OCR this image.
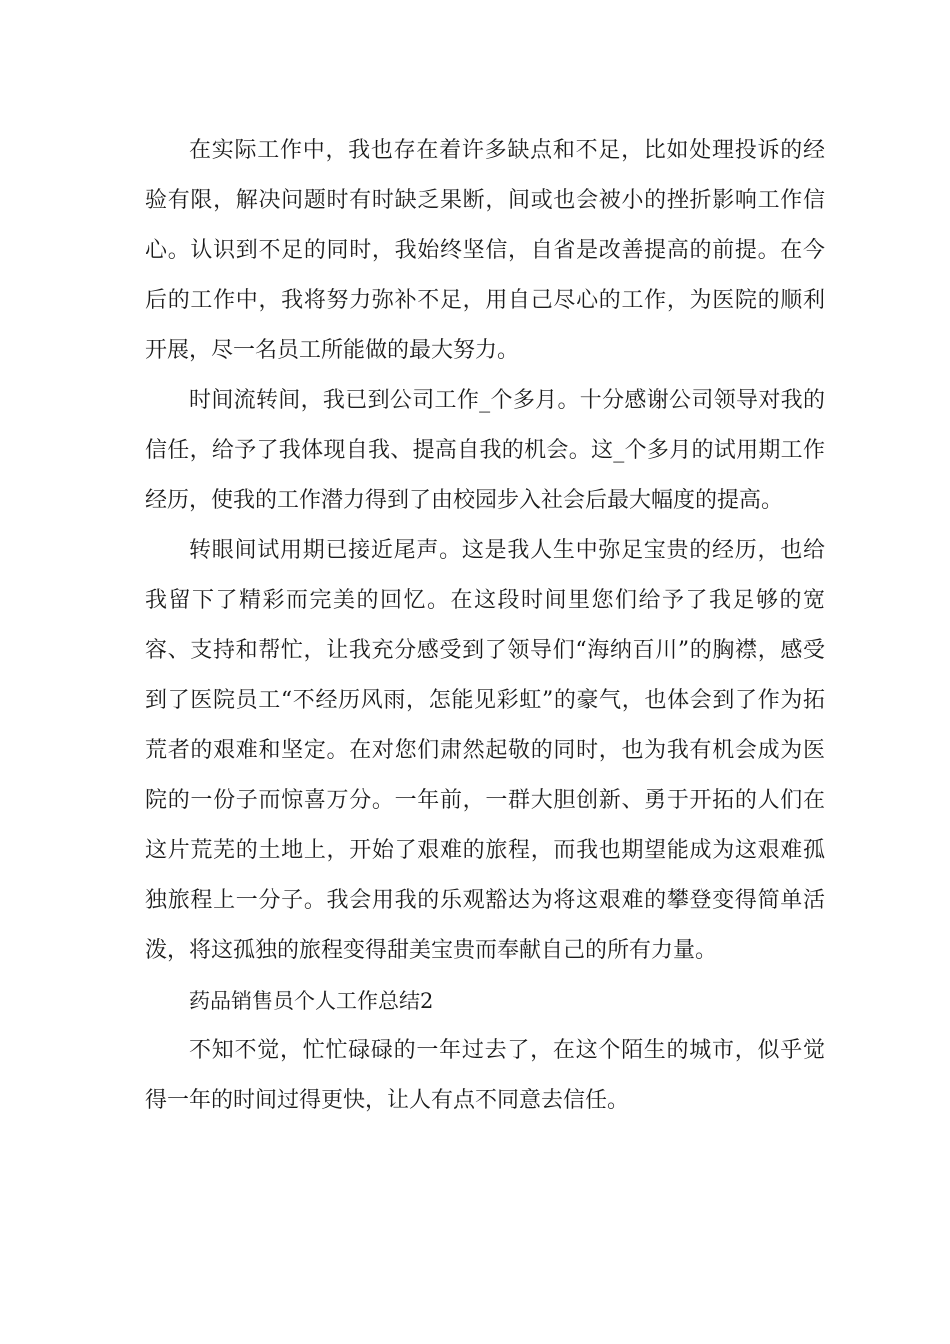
在实际工作中，我也存在着许多缺点和不足，比如处理投诉的经验有限，解决问题时有时缺乏果断，间或也会被小的挫折影响工作信心。认识到不足的同时，我始终坚信，自省是改善提高的前提。在今后的工作中，我将努力弥补不足，用自己尽心的工作，为医院的顺利开展，尽一名员工所能做的最大努力。

时间流转间，我已到公司工作_个多月。十分感谢公司领导对我的信任，给予了我体现自我、提高自我的机会。这_个多月的试用期工作经历，使我的工作潜力得到了由校园步入社会后最大幅度的提高。

转眼间试用期已接近尾声。这是我人生中弥足宝贵的经历，也给我留下了精彩而完美的回忆。在这段时间里您们给予了我足够的宽容、支持和帮忙，让我充分感受到了领导们“海纳百川”的胸襟，感受到了医院员工“不经历风雨，怎能见彩虹”的豪气，也体会到了作为拓荒者的艰难和坚定。在对您们肃然起敬的同时，也为我有机会成为医院的一份子而惊喜万分。一年前，一群大胆创新、勇于开拓的人们在这片荒芜的土地上，开始了艰难的旅程，而我也期望能成为这艰难孤独旅程上一分子。我会用我的乐观豁达为将这艰难的攀登变得简单活泼，将这孤独的旅程变得甜美宝贵而奉献自己的所有力量。

药品销售员个人工作总结2

不知不觉，忙忙碌碌的一年过去了，在这个陌生的城市，似乎觉得一年的时间过得更快，让人有点不同意去信任。
